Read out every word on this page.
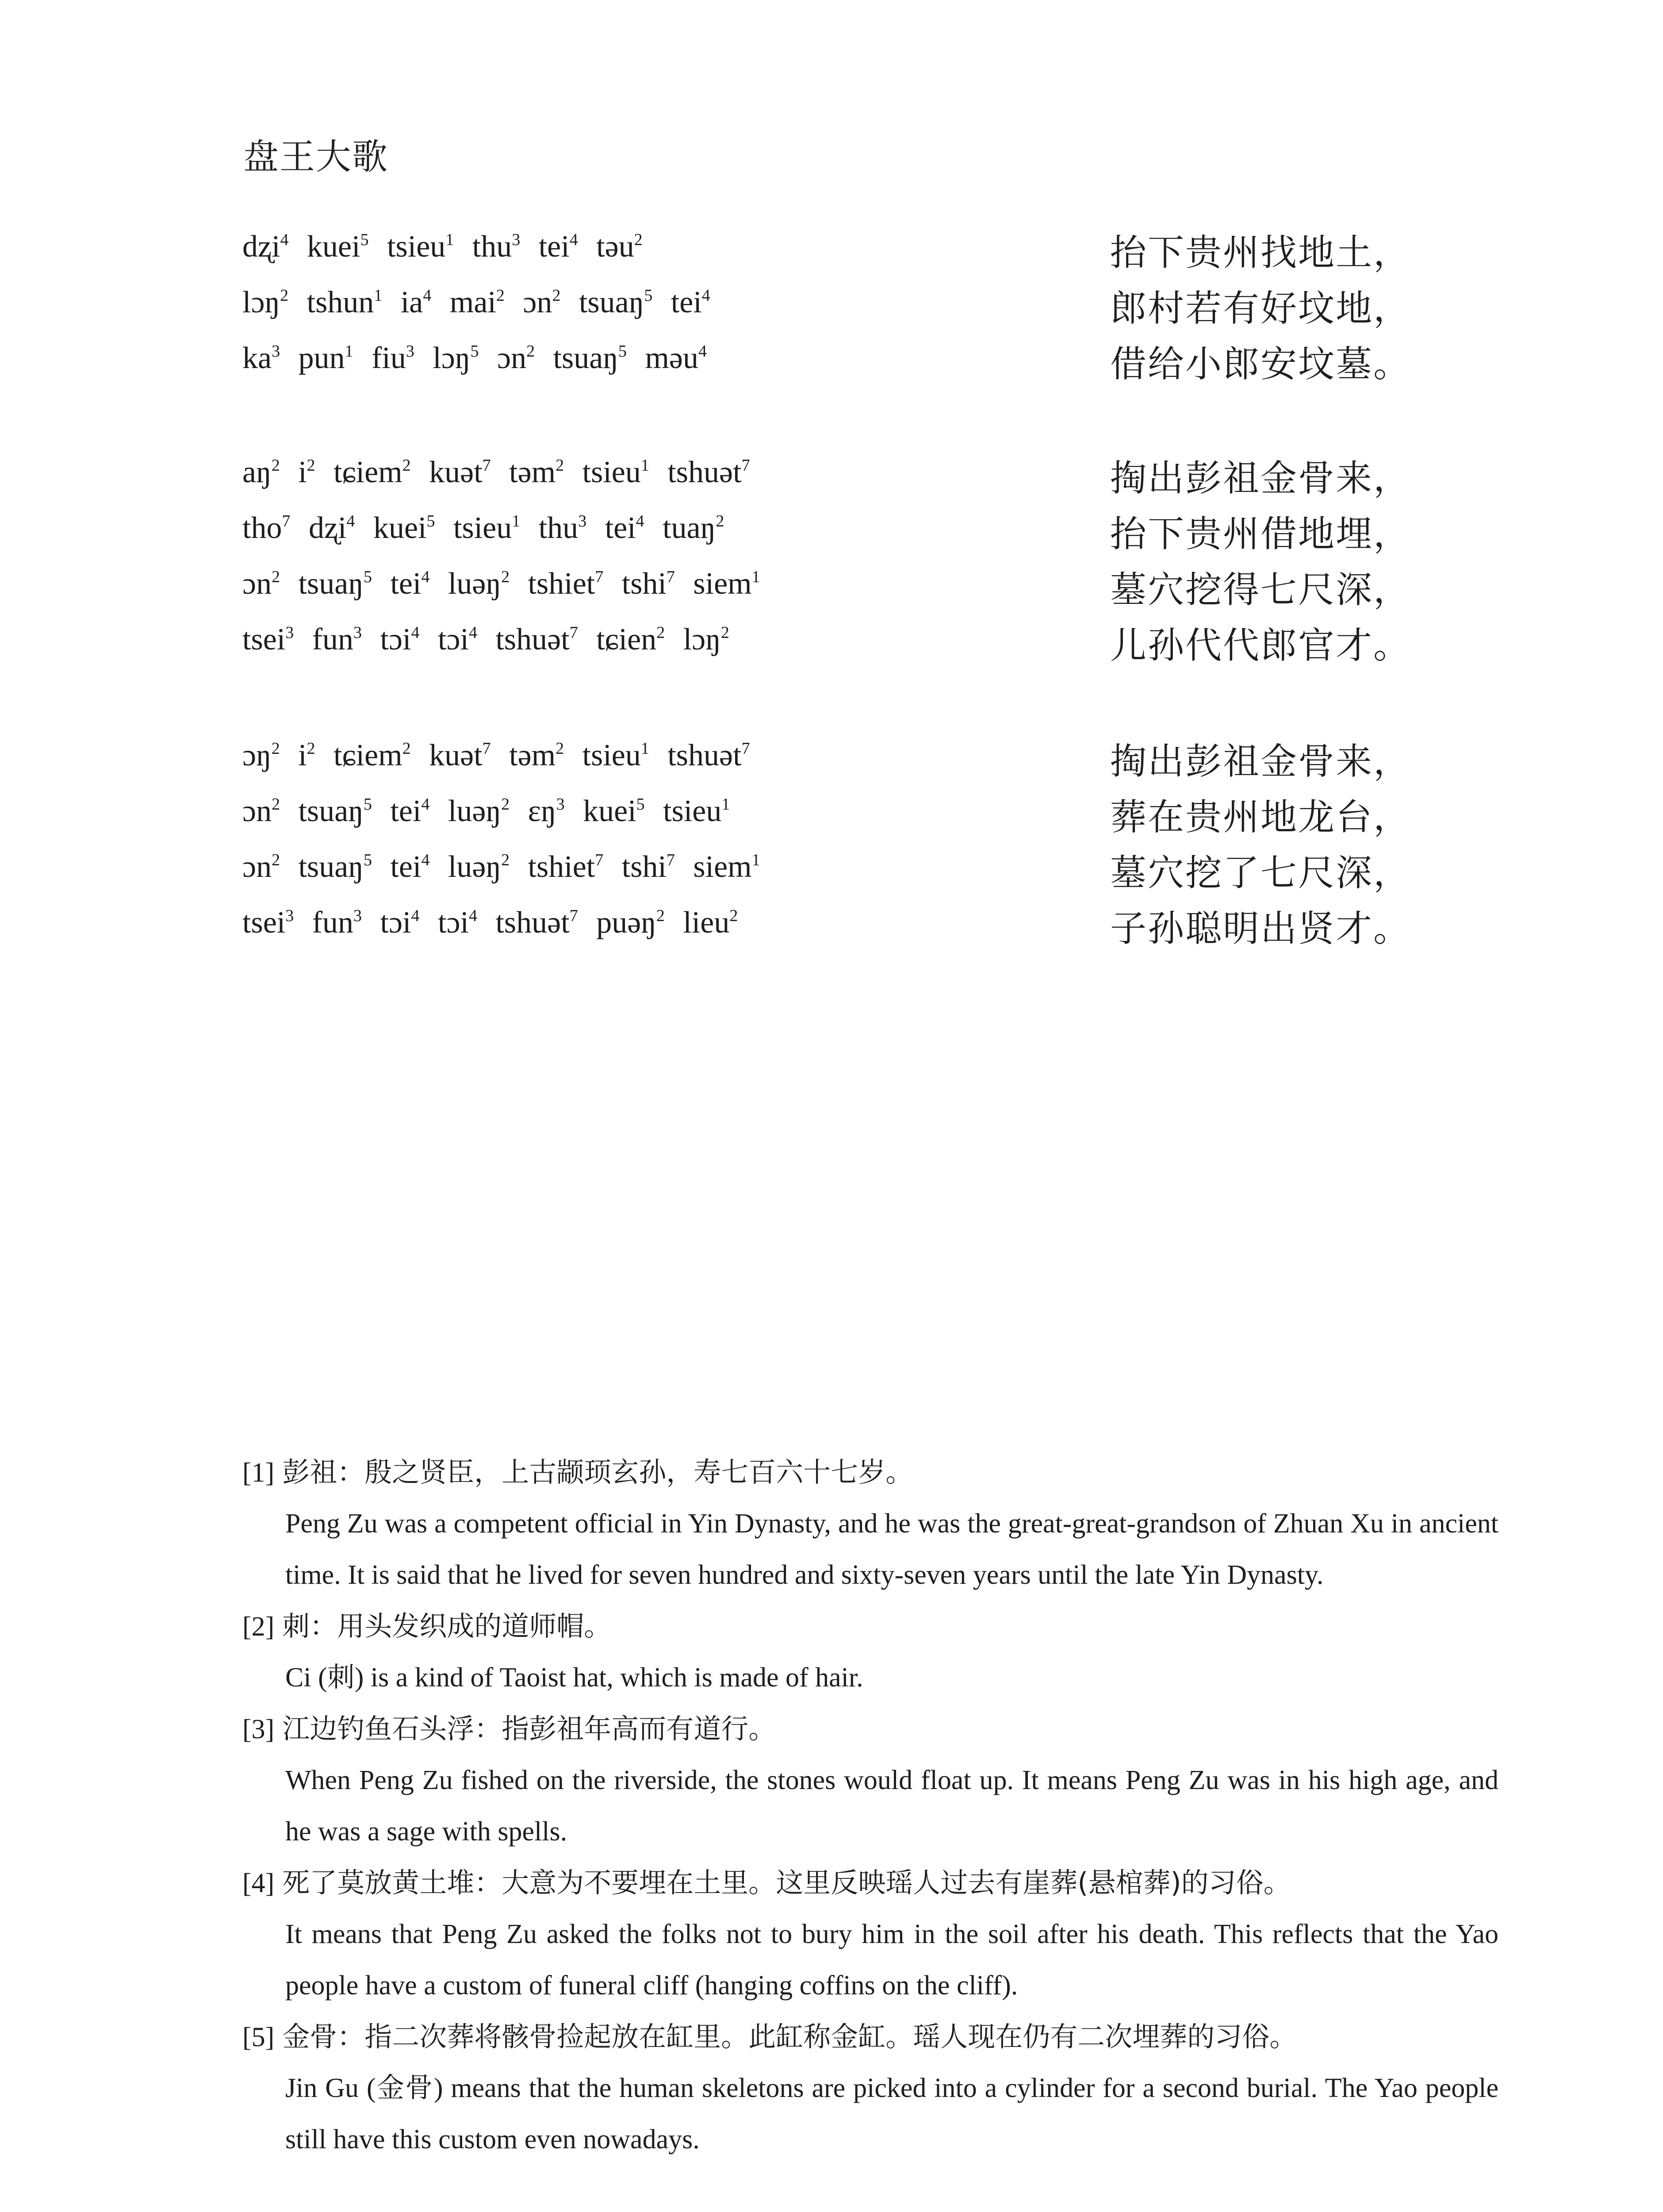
盘王大歌
dʐi$^4$ kuei$^5$ tsieu$^1$ thu$^3$ tei$^4$ təu$^2$	抬下贵州找地土，
lɔŋ$^2$ tshun$^1$ $ia^4$ mai$^2$ ɔn$^2$ tsuaŋ$^5$ tei$^4$	郎村若有好坟地，
$ka^3$ pun$^1$ fiu$^3$ lɔŋ$^5$ ɔn$^2$ tsuaŋ$^5$ məu$^4$	借给小郎安坟墓。
$aŋ^2$ $i^2$ tɕiem$^2$ kuət$^7$ təm$^2$ tsieu$^1$ tshuət$^7$	掏出彭祖金骨来，
tho$^7$ dʐi$^4$ kuei$^5$ tsieu$^1$ thu$^3$ tei$^4$ tuaŋ$^2$	抬下贵州借地埋，
ɔn$^2$ tsuaŋ$^5$ tei$^4$ luəŋ$^2$ tshiet$^7$ tshi$^7$ siem$^1$	墓穴挖得七尺深，
tsei$^3$ fun$^3$ tɔi$^4$ tɔi$^4$ tshuət$^7$ tɕien$^2$ lɔŋ$^2$	儿孙代代郎官才。
ɔŋ$^2$ $i^2$ tɕiem$^2$ kuət$^7$ təm$^2$ tsieu$^1$ tshuət$^7$	掏出彭祖金骨来，
ɔn$^2$ tsuaŋ$^5$ tei$^4$ luəŋ$^2$ ɛŋ$^3$ kuei$^5$ tsieu$^1$	葬在贵州地龙台，
ɔn$^2$ tsuaŋ$^5$ tei$^4$ luəŋ$^2$ tshiet$^7$ tshi$^7$ siem$^1$	墓穴挖了七尺深，
tsei$^3$ fun$^3$ tɔi$^4$ tɔi$^4$ tshuət$^7$ puəŋ$^2$ lieu$^2$	子孙聪明出贤才。
[1] 彭祖：殷之贤臣，上古颛顼玄孙，寿七百六十七岁。
Peng Zu was a competent official in Yin Dynasty, and he was the great-great-grandson of Zhuan Xu in ancient time. It is said that he lived for seven hundred and sixty-seven years until the late Yin Dynasty.
[2] 刺：用头发织成的道师帽。
Ci (刺) is a kind of Taoist hat, which is made of hair.
[3] 江边钓鱼石头浮：指彭祖年高而有道行。
When Peng Zu fished on the riverside, the stones would float up. It means Peng Zu was in his high age, and he was a sage with spells.
[4] 死了莫放黄土堆：大意为不要埋在土里。这里反映瑶人过去有崖葬(悬棺葬)的习俗。
It means that Peng Zu asked the folks not to bury him in the soil after his death. This reflects that the Yao people have a custom of funeral cliff (hanging coffins on the cliff).
[5] 金骨：指二次葬将骸骨捡起放在缸里。此缸称金缸。瑶人现在仍有二次埋葬的习俗。
Jin Gu (金骨) means that the human skeletons are picked into a cylinder for a second burial. The Yao people still have this custom even nowadays.
